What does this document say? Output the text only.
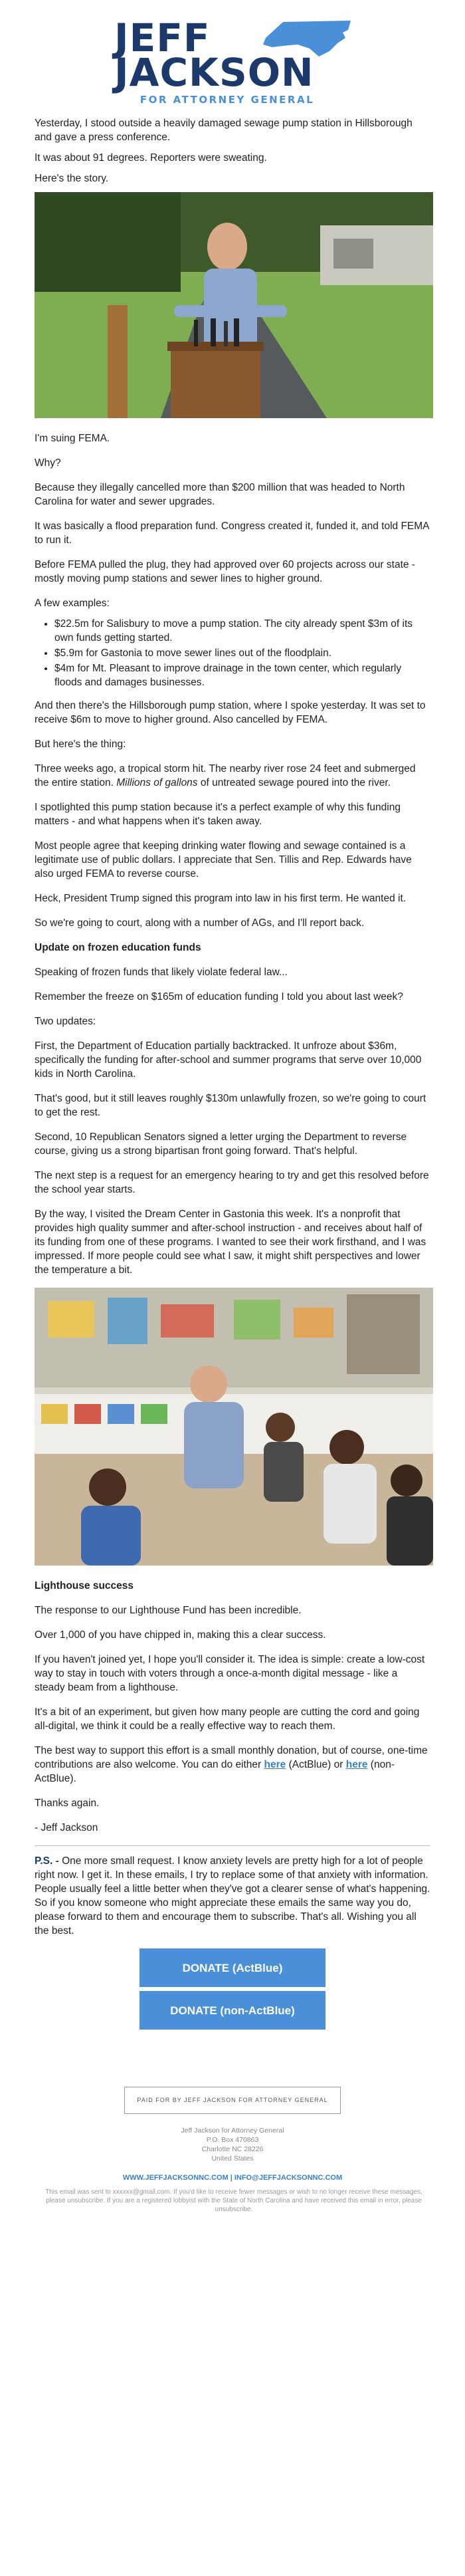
JEFF
JACKSON
FOR ATTORNEY GENERAL

Yesterday, I stood outside a heavily damaged sewage pump station in Hillsborough and gave a press conference.

It was about 91 degrees. Reporters were sweating.

Here's the story.

I'm suing FEMA.

Why?

Because they illegally cancelled more than $200 million that was headed to North Carolina for water and sewer upgrades.

It was basically a flood preparation fund. Congress created it, funded it, and told FEMA to run it.

Before FEMA pulled the plug, they had approved over 60 projects across our state - mostly moving pump stations and sewer lines to higher ground.

A few examples:

• $22.5m for Salisbury to move a pump station. The city already spent $3m of its own funds getting started.
• $5.9m for Gastonia to move sewer lines out of the floodplain.
• $4m for Mt. Pleasant to improve drainage in the town center, which regularly floods and damages businesses.

And then there's the Hillsborough pump station, where I spoke yesterday. It was set to receive $6m to move to higher ground. Also cancelled by FEMA.

But here's the thing:

Three weeks ago, a tropical storm hit. The nearby river rose 24 feet and submerged the entire station. Millions of gallons of untreated sewage poured into the river.

I spotlighted this pump station because it's a perfect example of why this funding matters - and what happens when it's taken away.

Most people agree that keeping drinking water flowing and sewage contained is a legitimate use of public dollars. I appreciate that Sen. Tillis and Rep. Edwards have also urged FEMA to reverse course.

Heck, President Trump signed this program into law in his first term. He wanted it.

So we're going to court, along with a number of AGs, and I'll report back.

Update on frozen education funds

Speaking of frozen funds that likely violate federal law...

Remember the freeze on $165m of education funding I told you about last week?

Two updates:

First, the Department of Education partially backtracked. It unfroze about $36m, specifically the funding for after-school and summer programs that serve over 10,000 kids in North Carolina.

That's good, but it still leaves roughly $130m unlawfully frozen, so we're going to court to get the rest.

Second, 10 Republican Senators signed a letter urging the Department to reverse course, giving us a strong bipartisan front going forward. That's helpful.

The next step is a request for an emergency hearing to try and get this resolved before the school year starts.

By the way, I visited the Dream Center in Gastonia this week. It's a nonprofit that provides high quality summer and after-school instruction - and receives about half of its funding from one of these programs. I wanted to see their work firsthand, and I was impressed. If more people could see what I saw, it might shift perspectives and lower the temperature a bit.

Lighthouse success

The response to our Lighthouse Fund has been incredible.

Over 1,000 of you have chipped in, making this a clear success.

If you haven't joined yet, I hope you'll consider it. The idea is simple: create a low-cost way to stay in touch with voters through a once-a-month digital message - like a steady beam from a lighthouse.

It's a bit of an experiment, but given how many people are cutting the cord and going all-digital, we think it could be a really effective way to reach them.

The best way to support this effort is a small monthly donation, but of course, one-time contributions are also welcome. You can do either here (ActBlue) or here (non-ActBlue).

Thanks again.

- Jeff Jackson

P.S. - One more small request. I know anxiety levels are pretty high for a lot of people right now. I get it. In these emails, I try to replace some of that anxiety with information. People usually feel a little better when they've got a clearer sense of what's happening. So if you know someone who might appreciate these emails the same way you do, please forward to them and encourage them to subscribe. That's all. Wishing you all the best.

DONATE (ActBlue)
DONATE (non-ActBlue)
PAID FOR BY JEFF JACKSON FOR ATTORNEY GENERAL
Jeff Jackson for Attorney General
P.O. Box 470863
Charlotte NC 28226
United States
WWW.JEFFJACKSONNC.COM | INFO@JEFFJACKSONNC.COM
This email was sent to xxxxxx@gmail.com. If you'd like to receive fewer messages or wish to no longer receive these messages, please unsubscribe. If you are a registered lobbyist with the State of North Carolina and have received this email in error, please unsubscribe.
